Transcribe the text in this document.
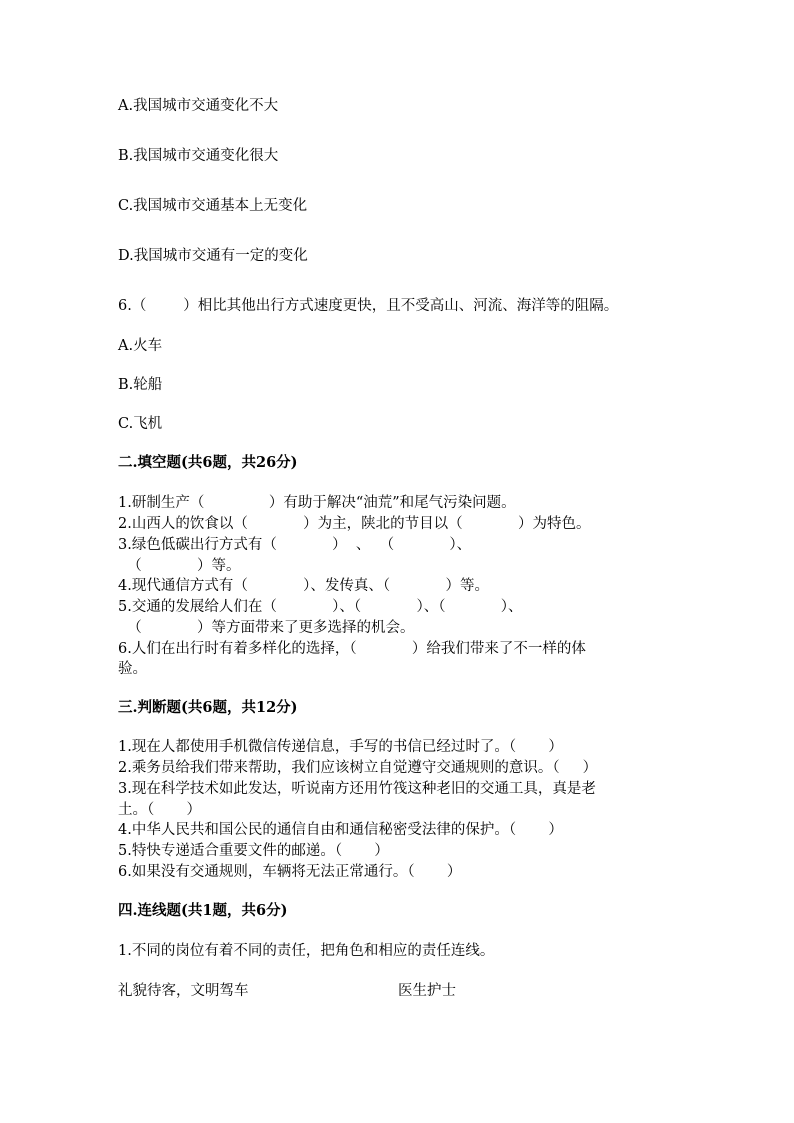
A.我国城市交通变化不大
B.我国城市交通变化很大
C.我国城市交通基本上无变化
D.我国城市交通有一定的变化
6.（        ）相比其他出行方式速度更快，且不受高山、河流、海洋等的阻隔。
A.火车
B.轮船
C.飞机
二.填空题(共6题，共26分)
1.研制生产（              ）有助于解决“油荒”和尾气污染问题。
2.山西人的饮食以（            ）为主，陕北的节目以（            ）为特色。
3.绿色低碳出行方式有（            ）  、  （            ）、
（            ）等。
4.现代通信方式有（            ）、发传真、（            ）等。
5.交通的发展给人们在（            ）、（            ）、（            ）、
（            ）等方面带来了更多选择的机会。
6.人们在出行时有着多样化的选择，（            ）给我们带来了不一样的体
验。
三.判断题(共6题，共12分)
1.现在人都使用手机微信传递信息，手写的书信已经过时了。（       ）
2.乘务员给我们带来帮助，我们应该树立自觉遵守交通规则的意识。（     ）
3.现在科学技术如此发达，听说南方还用竹筏这种老旧的交通工具，真是老
土。（       ）
4.中华人民共和国公民的通信自由和通信秘密受法律的保护。（       ）
5.特快专递适合重要文件的邮递。（       ）
6.如果没有交通规则，车辆将无法正常通行。（       ）
四.连线题(共1题，共6分)
1.不同的岗位有着不同的责任，把角色和相应的责任连线。
礼貌待客，文明驾车	医生护士
